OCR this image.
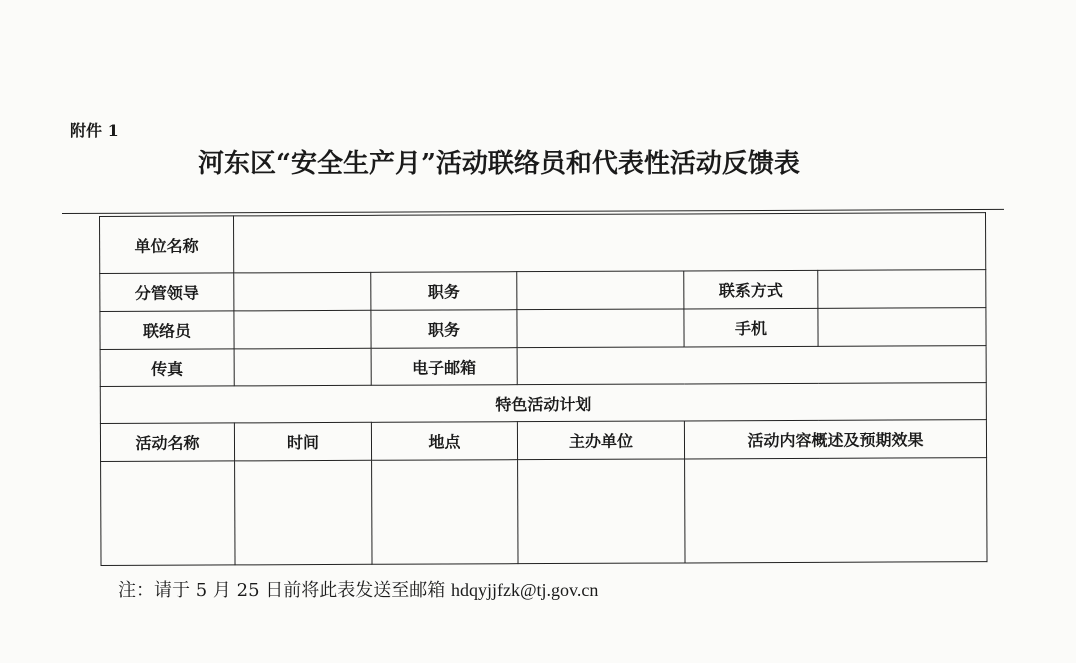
附件 1
河东区“安全生产月”活动联络员和代表性活动反馈表
单位名称					
分管领导		职务		联系方式	
联络员		职务		手机	
传真		电子邮箱			
特色活动计划					
活动名称	时间	地点	主办单位	活动内容概述及预期效果	

注：请于 5 月 25 日前将此表发送至邮箱 hdqyjjfzk@tj.gov.cn
